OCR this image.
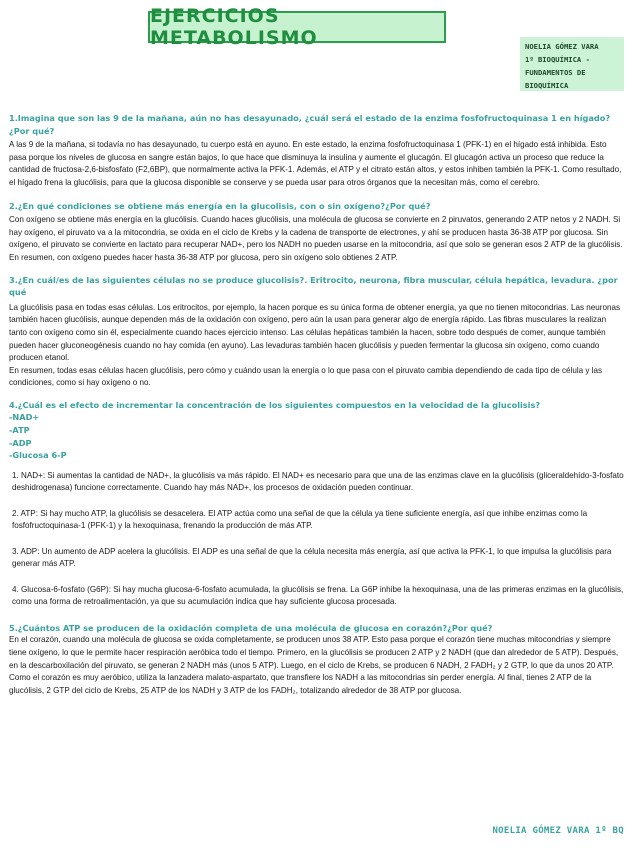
EJERCICIOS METABOLISMO	NOELIA GÓMEZ VARA
1º BIOQUÍMICA -
FUNDAMENTOS DE
BIOQUÍMICA

1.Imagina que son las 9 de la mañana, aún no has desayunado, ¿cuál será el estado de la enzima fosfofructoquinasa 1 en hígado? ¿Por qué?

A las 9 de la mañana, si todavía no has desayunado, tu cuerpo está en ayuno. En este estado, la enzima fosfofructoquinasa 1 (PFK-1) en el hígado está inhibida. Esto pasa porque los niveles de glucosa en sangre están bajos, lo que hace que disminuya la insulina y aumente el glucagón. El glucagón activa un proceso que reduce la cantidad de fructosa-2,6-bisfosfato (F2,6BP), que normalmente activa la PFK-1. Además, el ATP y el citrato están altos, y estos inhiben también la PFK-1. Como resultado, el hígado frena la glucólisis, para que la glucosa disponible se conserve y se pueda usar para otros órganos que la necesitan más, como el cerebro.

2.¿En qué condiciones se obtiene más energía en la glucolisis, con o sin oxígeno?¿Por qué?

Con oxígeno se obtiene más energía en la glucólisis. Cuando haces glucólisis, una molécula de glucosa se convierte en 2 piruvatos, generando 2 ATP netos y 2 NADH. Si hay oxígeno, el piruvato va a la mitocondria, se oxida en el ciclo de Krebs y la cadena de transporte de electrones, y ahí se producen hasta 36-38 ATP por glucosa. Sin oxígeno, el piruvato se convierte en lactato para recuperar NAD+, pero los NADH no pueden usarse en la mitocondria, así que solo se generan esos 2 ATP de la glucólisis. En resumen, con oxígeno puedes hacer hasta 36-38 ATP por glucosa, pero sin oxígeno solo obtienes 2 ATP.

3.¿En cuál/es de las siguientes células no se produce glucolisis?. Eritrocito, neurona, fibra muscular, célula hepática, levadura. ¿por qué

La glucólisis pasa en todas esas células. Los eritrocitos, por ejemplo, la hacen porque es su única forma de obtener energía, ya que no tienen mitocondrias. Las neuronas también hacen glucólisis, aunque dependen más de la oxidación con oxígeno, pero aún la usan para generar algo de energía rápido. Las fibras musculares la realizan tanto con oxígeno como sin él, especialmente cuando haces ejercicio intenso. Las células hepáticas también la hacen, sobre todo después de comer, aunque también pueden hacer gluconeogénesis cuando no hay comida (en ayuno). Las levaduras también hacen glucólisis y pueden fermentar la glucosa sin oxígeno, como cuando producen etanol.

En resumen, todas esas células hacen glucólisis, pero cómo y cuándo usan la energía o lo que pasa con el piruvato cambia dependiendo de cada tipo de célula y las condiciones, como si hay oxígeno o no.

4.¿Cuál es el efecto de incrementar la concentración de los siguientes compuestos en la velocidad de la glucolisis?

-NAD+
-ATP
-ADP
-Glucosa 6-P

1. NAD+: Si aumentas la cantidad de NAD+, la glucólisis va más rápido. El NAD+ es necesario para que una de las enzimas clave en la glucólisis (gliceraldehído-3-fosfato deshidrogenasa) funcione correctamente. Cuando hay más NAD+, los procesos de oxidación pueden continuar.

2. ATP: Si hay mucho ATP, la glucólisis se desacelera. El ATP actúa como una señal de que la célula ya tiene suficiente energía, así que inhibe enzimas como la fosfofructoquinasa-1 (PFK-1) y la hexoquinasa, frenando la producción de más ATP.

3. ADP: Un aumento de ADP acelera la glucólisis. El ADP es una señal de que la célula necesita más energía, así que activa la PFK-1, lo que impulsa la glucólisis para generar más ATP.

4. Glucosa-6-fosfato (G6P): Si hay mucha glucosa-6-fosfato acumulada, la glucólisis se frena. La G6P inhibe la hexoquinasa, una de las primeras enzimas en la glucólisis, como una forma de retroalimentación, ya que su acumulación indica que hay suficiente glucosa procesada.

5.¿Cuántos ATP se producen de la oxidación completa de una molécula de glucosa en corazón?¿Por qué?

En el corazón, cuando una molécula de glucosa se oxida completamente, se producen unos 38 ATP. Esto pasa porque el corazón tiene muchas mitocondrias y siempre tiene oxígeno, lo que le permite hacer respiración aeróbica todo el tiempo. Primero, en la glucólisis se producen 2 ATP y 2 NADH (que dan alrededor de 5 ATP). Después, en la descarboxilación del piruvato, se generan 2 NADH más (unos 5 ATP). Luego, en el ciclo de Krebs, se producen 6 NADH, 2 FADH₂ y 2 GTP, lo que da unos 20 ATP. Como el corazón es muy aeróbico, utiliza la lanzadera malato-aspartato, que transfiere los NADH a las mitocondrias sin perder energía. Al final, tienes 2 ATP de la glucólisis, 2 GTP del ciclo de Krebs, 25 ATP de los NADH y 3 ATP de los FADH₂, totalizando alrededor de 38 ATP por glucosa.

NOELIA GÓMEZ VARA 1º BQ
